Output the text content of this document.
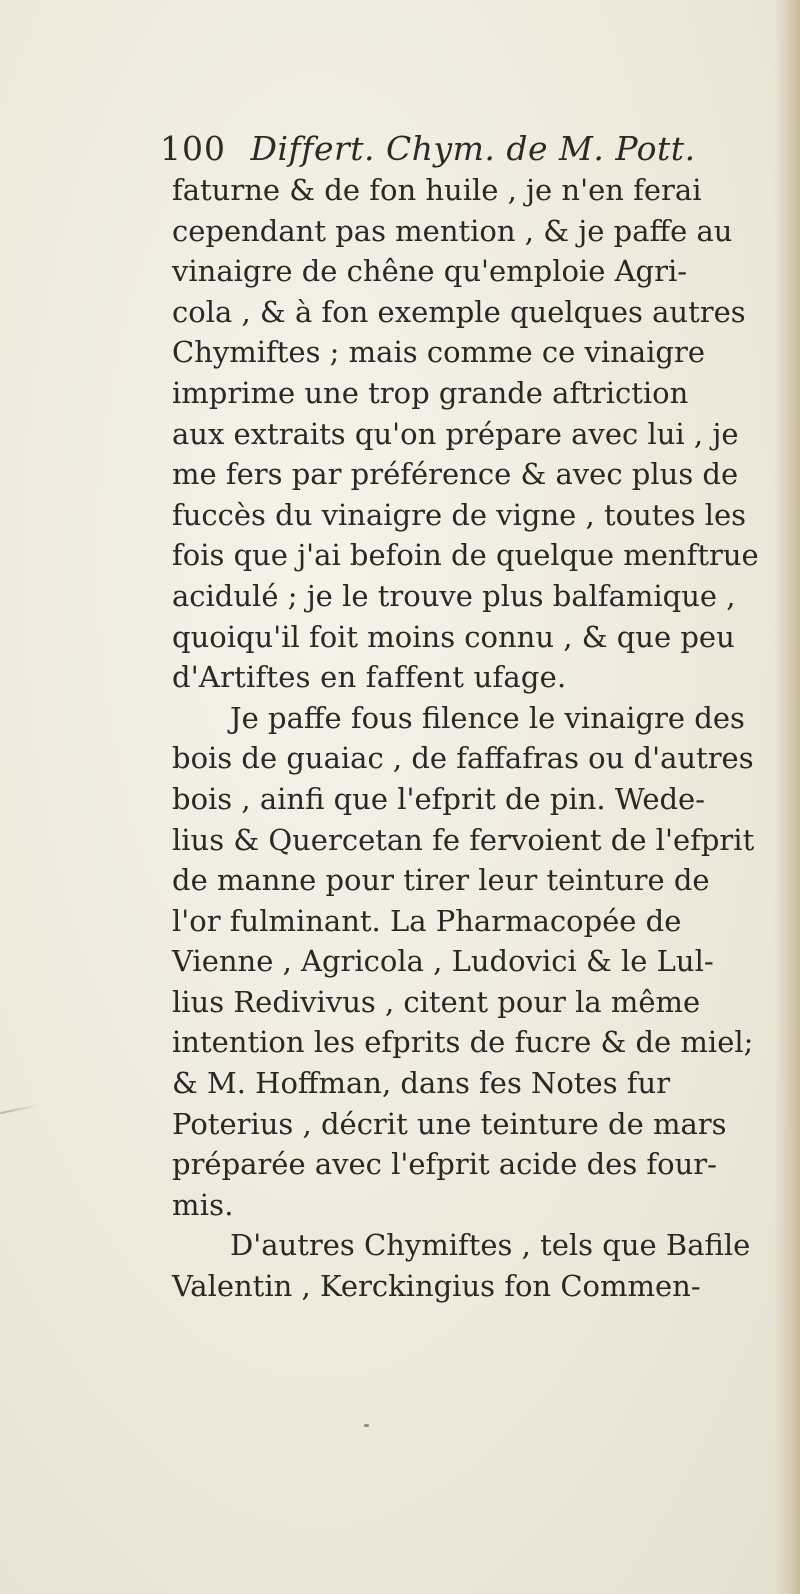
100 Differt. Chym. de M. Pott.
faturne & de fon huile , je n'en ferai
cependant pas mention , & je paffe au
vinaigre de chêne qu'emploie Agri-
cola , & à fon exemple quelques autres
Chymiftes ; mais comme ce vinaigre
imprime une trop grande aftriction
aux extraits qu'on prépare avec lui , je
me fers par préférence & avec plus de
fuccès du vinaigre de vigne , toutes les
fois que j'ai befoin de quelque menftrue
acidulé ; je le trouve plus balfamique ,
quoiqu'il foit moins connu , & que peu
d'Artiftes en faffent ufage.
Je paffe fous filence le vinaigre des
bois de guaiac , de faffafras ou d'autres
bois , ainfi que l'efprit de pin. Wede-
lius & Quercetan fe fervoient de l'efprit
de manne pour tirer leur teinture de
l'or fulminant. La Pharmacopée de
Vienne , Agricola , Ludovici & le Lul-
lius Redivivus , citent pour la même
intention les efprits de fucre & de miel;
& M. Hoffman, dans fes Notes fur
Poterius , décrit une teinture de mars
préparée avec l'efprit acide des four-
mis.
D'autres Chymiftes , tels que Bafile
Valentin , Kerckingius fon Commen-
